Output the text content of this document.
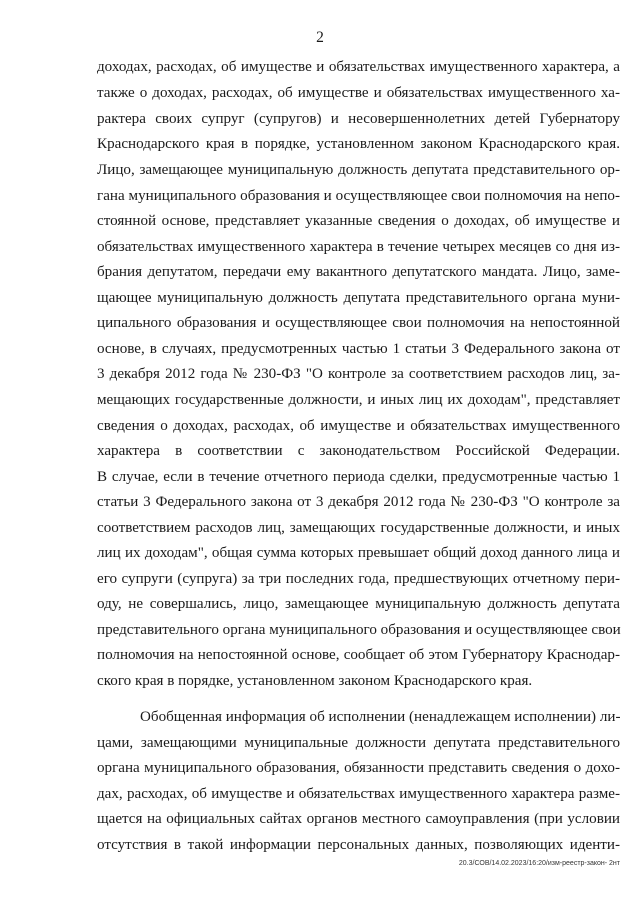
2
доходах, расходах, об имуществе и обязательствах имущественного характера, а
также о доходах, расходах, об имуществе и обязательствах имущественного ха-
рактера своих супруг (супругов) и несовершеннолетних детей Губернатору
Краснодарского края в порядке, установленном законом Краснодарского края.
Лицо, замещающее муниципальную должность депутата представительного ор-
гана муниципального образования и осуществляющее свои полномочия на непо-
стоянной основе, представляет указанные сведения о доходах, об имуществе и
обязательствах имущественного характера в течение четырех месяцев со дня из-
брания депутатом, передачи ему вакантного депутатского мандата. Лицо, заме-
щающее муниципальную должность депутата представительного органа муни-
ципального образования и осуществляющее свои полномочия на непостоянной
основе, в случаях, предусмотренных частью 1 статьи 3 Федерального закона от
3 декабря 2012 года № 230-ФЗ "О контроле за соответствием расходов лиц, за-
мещающих государственные должности, и иных лиц их доходам", представляет
сведения о доходах, расходах, об имуществе и обязательствах имущественного
характера в соответствии с законодательством Российской Федерации.
В случае, если в течение отчетного периода сделки, предусмотренные частью 1
статьи 3 Федерального закона от 3 декабря 2012 года № 230-ФЗ "О контроле за
соответствием расходов лиц, замещающих государственные должности, и иных
лиц их доходам", общая сумма которых превышает общий доход данного лица и
его супруги (супруга) за три последних года, предшествующих отчетному пери-
оду, не совершались, лицо, замещающее муниципальную должность депутата
представительного органа муниципального образования и осуществляющее свои
полномочия на непостоянной основе, сообщает об этом Губернатору Краснодар-
ского края в порядке, установленном законом Краснодарского края.
Обобщенная информация об исполнении (ненадлежащем исполнении) ли-
цами, замещающими муниципальные должности депутата представительного
органа муниципального образования, обязанности представить сведения о дохо-
дах, расходах, об имуществе и обязательствах имущественного характера разме-
щается на официальных сайтах органов местного самоуправления (при условии
отсутствия в такой информации персональных данных, позволяющих иденти-
20.3/СОВ/14.02.2023/16:20/изм-реестр-закон- 2нт
